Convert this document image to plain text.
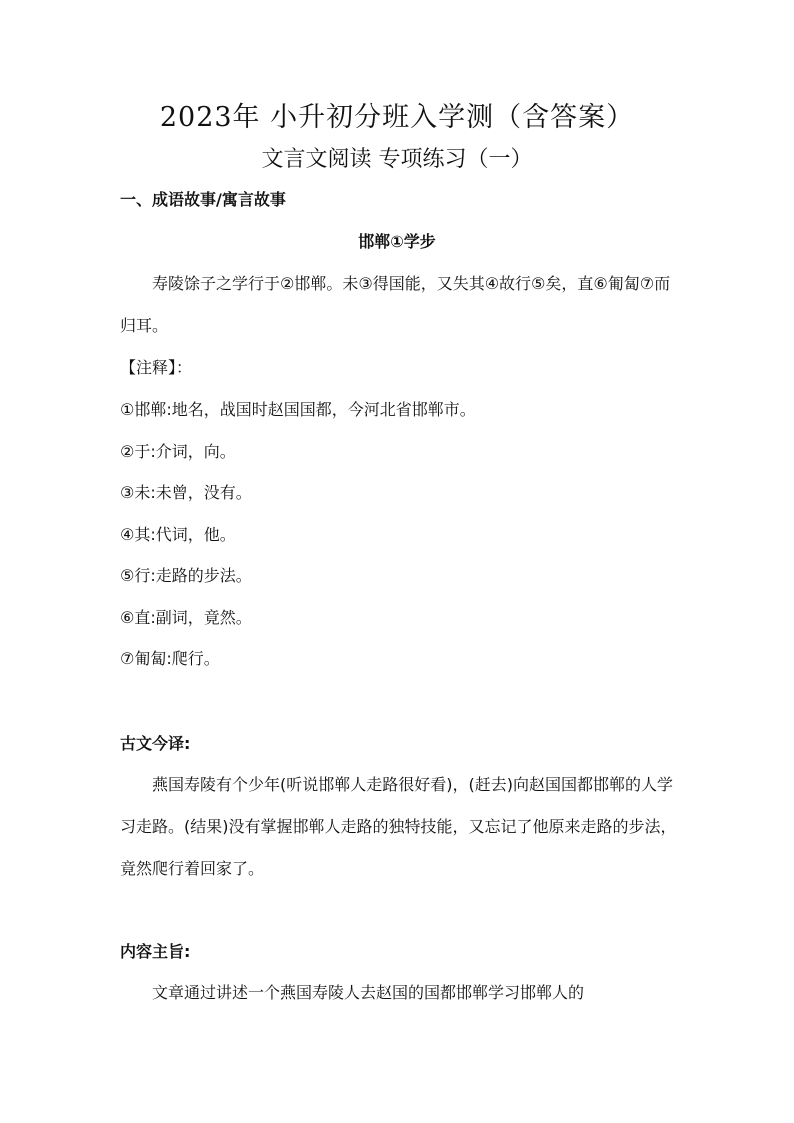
2023年 小升初分班入学测（含答案）
文言文阅读 专项练习（一）
一、成语故事/寓言故事
邯郸①学步

寿陵馀子之学行于②邯郸。未③得国能，又失其④故行⑤矣，直⑥匍匐⑦而归耳。

【注释】：

①邯郸:地名，战国时赵国国都，今河北省邯郸市。
②于:介词，向。
③未:未曾，没有。
④其:代词，他。
⑤行:走路的步法。
⑥直:副词，竟然。
⑦匍匐:爬行。
古文今译:

燕国寿陵有个少年(听说邯郸人走路很好看)，(赶去)向赵国国都邯郸的人学习走路。(结果)没有掌握邯郸人走路的独特技能，又忘记了他原来走路的步法，竟然爬行着回家了。

内容主旨:

文章通过讲述一个燕国寿陵人去赵国的国都邯郸学习邯郸人的
